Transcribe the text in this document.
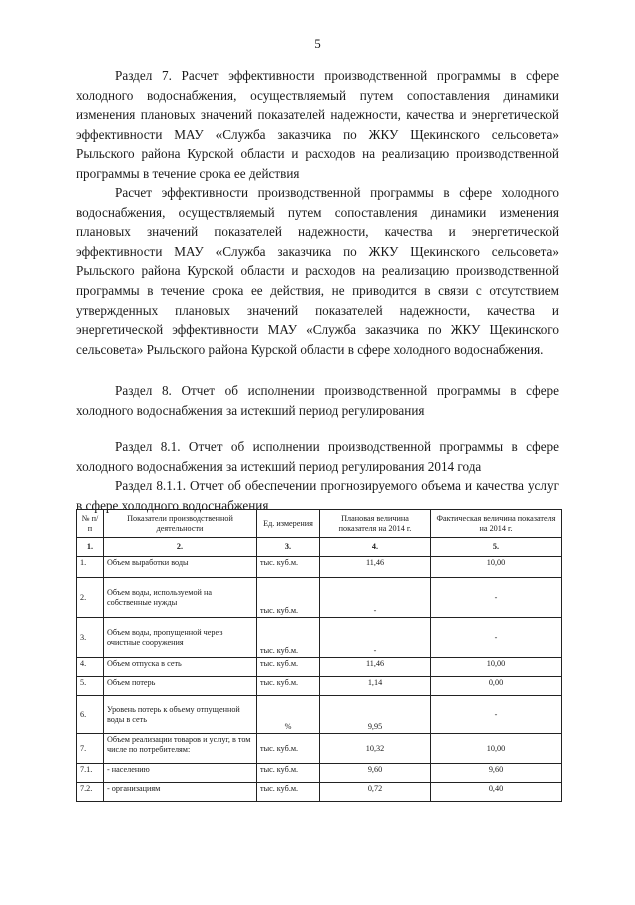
5

Раздел 7. Расчет эффективности производственной программы в сфере холодного водоснабжения, осуществляемый путем сопоставления динамики изменения плановых значений показателей надежности, качества и энергетической эффективности МАУ «Служба заказчика по ЖКУ Щекинского сельсовета» Рыльского района Курской области и расходов на реализацию производственной программы в течение срока ее действия

Расчет эффективности производственной программы в сфере холодного водоснабжения, осуществляемый путем сопоставления динамики изменения плановых значений показателей надежности, качества и энергетической эффективности МАУ «Служба заказчика по ЖКУ Щекинского сельсовета» Рыльского района Курской области и расходов на реализацию производственной программы в течение срока ее действия, не приводится в связи с отсутствием утвержденных плановых значений показателей надежности, качества и энергетической эффективности МАУ «Служба заказчика по ЖКУ Щекинского сельсовета» Рыльского района Курской области в сфере холодного водоснабжения.

Раздел 8. Отчет об исполнении производственной программы в сфере холодного водоснабжения за истекший период регулирования

Раздел 8.1. Отчет об исполнении производственной программы в сфере холодного водоснабжения за истекший период регулирования 2014 года

Раздел 8.1.1. Отчет об обеспечении прогнозируемого объема и качества услуг в сфере холодного водоснабжения

№ п/п	Показатели производственной деятельности	Ед. измерения	Плановая величина показателя на 2014 г.	Фактическая величина показателя на 2014 г.
1.	2.	3.	4.	5.
1.	Объем выработки воды	тыс. куб.м.	11,46	10,00
2.	Объем воды, используемой на собственные нужды	тыс. куб.м.	-	-
3.	Объем воды, пропущенной через очистные сооружения	тыс. куб.м.	-	-
4.	Объем отпуска в сеть	тыс. куб.м.	11,46	10,00
5.	Объем потерь	тыс. куб.м.	1,14	0,00
6.	Уровень потерь к объему отпущенной воды в сеть	%	9,95	-
7.	Объем реализации товаров и услуг, в том числе по потребителям:	тыс. куб.м.	10,32	10,00
7.1.	- населению	тыс. куб.м.	9,60	9,60
7.2.	- организациям	тыс. куб.м.	0,72	0,40
